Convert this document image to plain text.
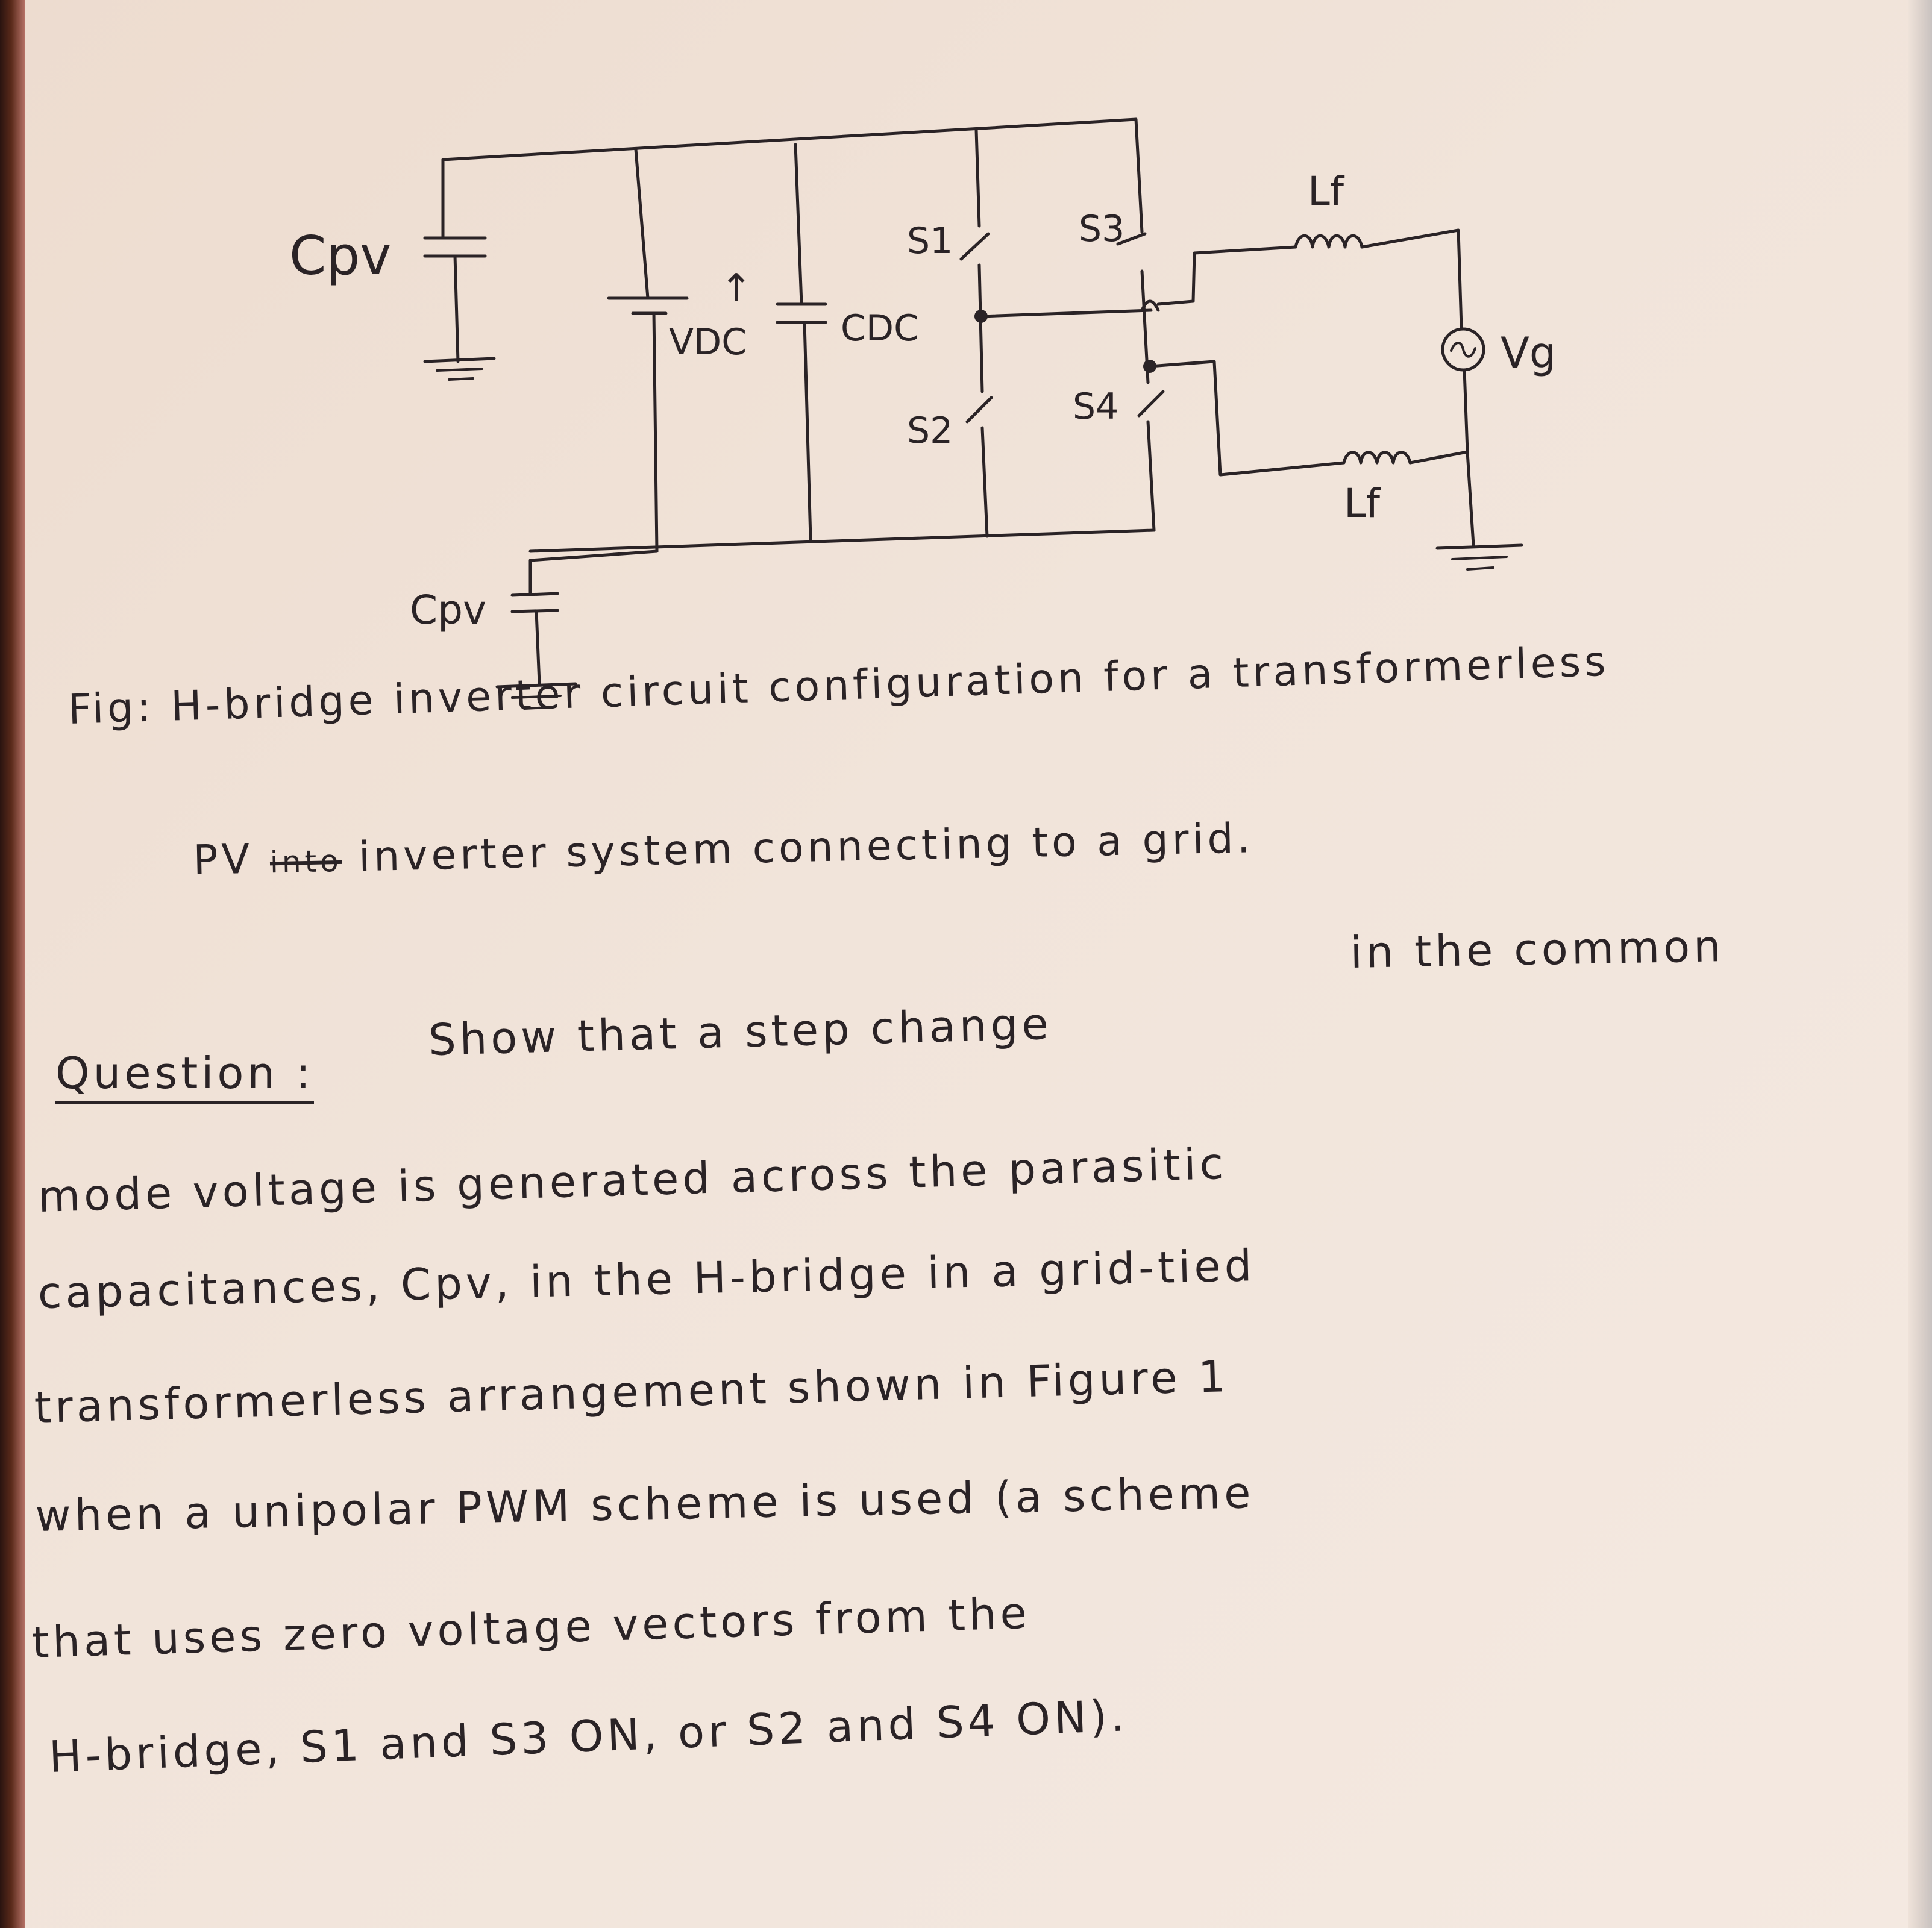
Cpv
VDC
↑
CDC
S1
S2
S3
S4
Lf
Lf
Vg
Cpv
Fig: H-bridge inverter circuit configuration for a transformerless
PV into inverter system connecting to a grid.
in the common
Question :
Show that a step change
mode voltage is generated across the parasitic
capacitances, Cpv, in the H-bridge in a grid-tied
transformerless arrangement shown in Figure 1
when a unipolar PWM scheme is used (a scheme
that uses zero voltage vectors from the
H-bridge, S1 and S3 ON, or S2 and S4 ON).
